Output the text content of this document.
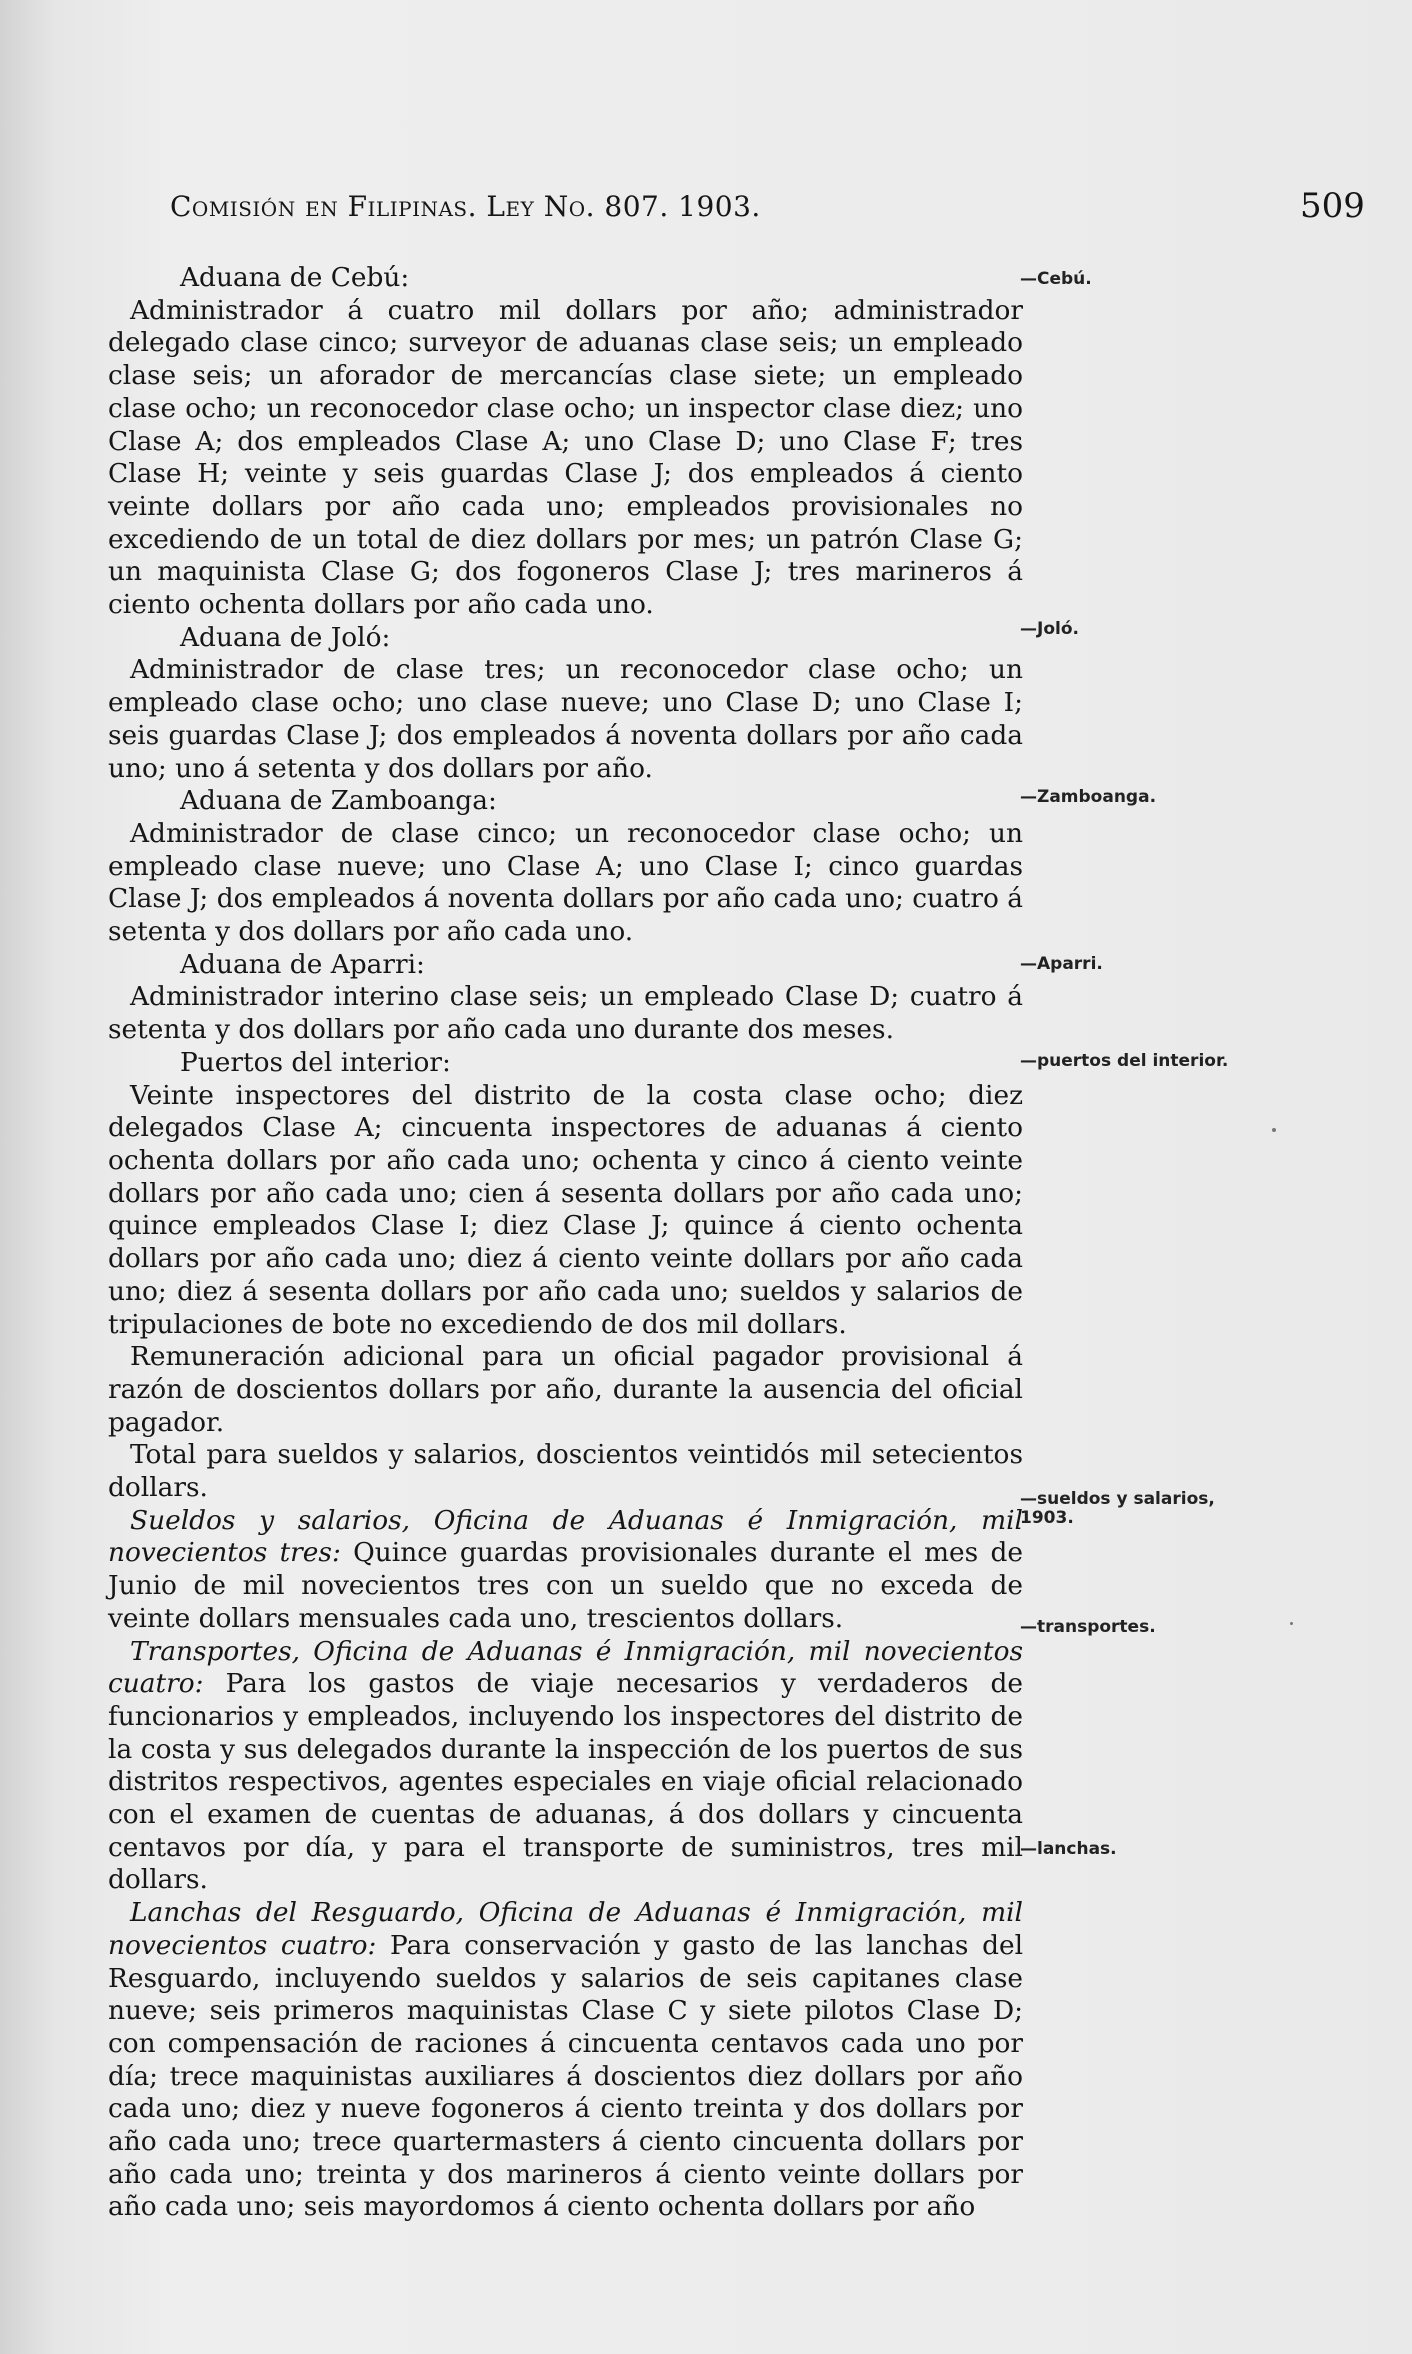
Comisión en Filipinas. Ley No. 807. 1903.	509

Aduana de Cebú:

Administrador á cuatro mil dollars por año; administrador delegado clase cinco; surveyor de aduanas clase seis; un empleado clase seis; un aforador de mercancías clase siete; un empleado clase ocho; un reconocedor clase ocho; un inspector clase diez; uno Clase A; dos empleados Clase A; uno Clase D; uno Clase F; tres Clase H; veinte y seis guardas Clase J; dos empleados á ciento veinte dollars por año cada uno; empleados provisionales no excediendo de un total de diez dollars por mes; un patrón Clase G; un maquinista Clase G; dos fogoneros Clase J; tres marineros á ciento ochenta dollars por año cada uno.

Aduana de Joló:

Administrador de clase tres; un reconocedor clase ocho; un empleado clase ocho; uno clase nueve; uno Clase D; uno Clase I; seis guardas Clase J; dos empleados á noventa dollars por año cada uno; uno á setenta y dos dollars por año.

Aduana de Zamboanga:

Administrador de clase cinco; un reconocedor clase ocho; un empleado clase nueve; uno Clase A; uno Clase I; cinco guardas Clase J; dos empleados á noventa dollars por año cada uno; cuatro á setenta y dos dollars por año cada uno.

Aduana de Aparri:

Administrador interino clase seis; un empleado Clase D; cuatro á setenta y dos dollars por año cada uno durante dos meses.

Puertos del interior:

Veinte inspectores del distrito de la costa clase ocho; diez delegados Clase A; cincuenta inspectores de aduanas á ciento ochenta dollars por año cada uno; ochenta y cinco á ciento veinte dollars por año cada uno; cien á sesenta dollars por año cada uno; quince empleados Clase I; diez Clase J; quince á ciento ochenta dollars por año cada uno; diez á ciento veinte dollars por año cada uno; diez á sesenta dollars por año cada uno; sueldos y salarios de tripulaciones de bote no excediendo de dos mil dollars.

Remuneración adicional para un oficial pagador provisional á razón de doscientos dollars por año, durante la ausencia del oficial pagador.

Total para sueldos y salarios, doscientos veintidós mil setecientos dollars.

Sueldos y salarios, Oficina de Aduanas é Inmigración, mil novecientos tres: Quince guardas provisionales durante el mes de Junio de mil novecientos tres con un sueldo que no exceda de veinte dollars mensuales cada uno, trescientos dollars.

Transportes, Oficina de Aduanas é Inmigración, mil novecientos cuatro: Para los gastos de viaje necesarios y verdaderos de funcionarios y empleados, incluyendo los inspectores del distrito de la costa y sus delegados durante la inspección de los puertos de sus distritos respectivos, agentes especiales en viaje oficial relacionado con el examen de cuentas de aduanas, á dos dollars y cincuenta centavos por día, y para el transporte de suministros, tres mil dollars.

Lanchas del Resguardo, Oficina de Aduanas é Inmigración, mil novecientos cuatro: Para conservación y gasto de las lanchas del Resguardo, incluyendo sueldos y salarios de seis capitanes clase nueve; seis primeros maquinistas Clase C y siete pilotos Clase D; con compensación de raciones á cincuenta centavos cada uno por día; trece maquinistas auxiliares á doscientos diez dollars por año cada uno; diez y nueve fogoneros á ciento treinta y dos dollars por año cada uno; trece quartermasters á ciento cincuenta dollars por año cada uno; treinta y dos marineros á ciento veinte dollars por año cada uno; seis mayordomos á ciento ochenta dollars por año

—Cebú.
—Joló.
—Zamboanga.
—Aparri.
—puertos del interior.
—sueldos y salarios, 1903.
—transportes.
—lanchas.
